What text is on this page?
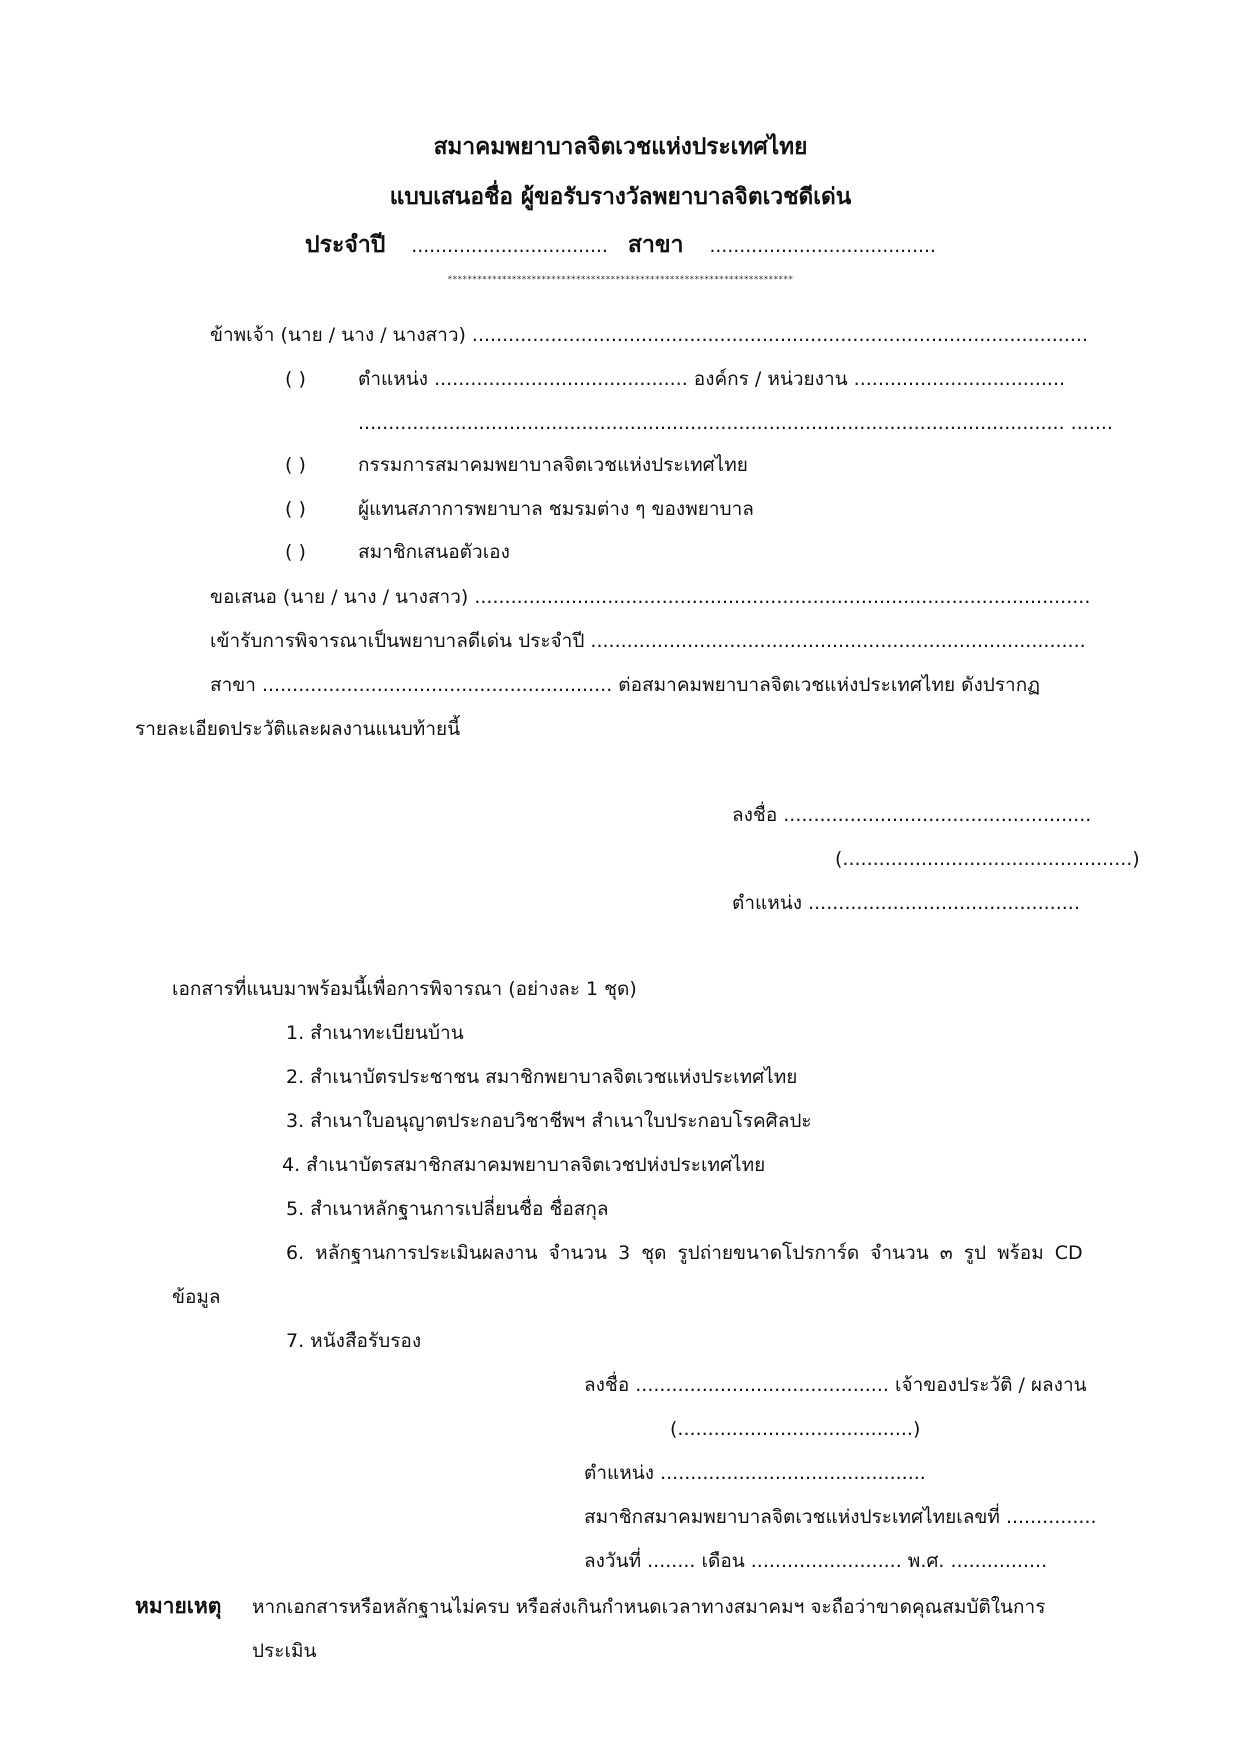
สมาคมพยาบาลจิตเวชแห่งประเทศไทย
แบบเสนอชื่อ ผู้ขอรับรางวัลพยาบาลจิตเวชดีเด่น
ประจำปี ................................. สาขา ......................................
**********************************************************************
ข้าพเจ้า (นาย / นาง / นางสาว) ......................................................................................................
( )	ตำแหน่ง .......................................... องค์กร / หน่วยงาน ...................................
..................................................................................................................... .......
( )	กรรมการสมาคมพยาบาลจิตเวชแห่งประเทศไทย
( )	ผู้แทนสภาการพยาบาล ชมรมต่าง ๆ ของพยาบาล
( )	สมาชิกเสนอตัวเอง
ขอเสนอ (นาย / นาง / นางสาว) ......................................................................................................
เข้ารับการพิจารณาเป็นพยาบาลดีเด่น ประจำปี ..................................................................................
สาขา .......................................................... ต่อสมาคมพยาบาลจิตเวชแห่งประเทศไทย ดังปรากฏ
รายละเอียดประวัติและผลงานแนบท้ายนี้
ลงชื่อ ...................................................
(................................................)
ตำแหน่ง .............................................
เอกสารที่แนบมาพร้อมนี้เพื่อการพิจารณา (อย่างละ 1 ชุด)
1. สำเนาทะเบียนบ้าน
2. สำเนาบัตรประชาชน สมาชิกพยาบาลจิตเวชแห่งประเทศไทย
3. สำเนาใบอนุญาตประกอบวิชาชีพฯ สำเนาใบประกอบโรคศิลปะ
4. สำเนาบัตรสมาชิกสมาคมพยาบาลจิตเวชปห่งประเทศไทย
5. สำเนาหลักฐานการเปลี่ยนชื่อ ชื่อสกุล
6. หลักฐานการประเมินผลงาน จำนวน 3 ชุด รูปถ่ายขนาดโปรการ์ด จำนวน ๓ รูป พร้อม CD
ข้อมูล
7. หนังสือรับรอง
ลงชื่อ .......................................... เจ้าของประวัติ / ผลงาน
(.......................................)
ตำแหน่ง ............................................
สมาชิกสมาคมพยาบาลจิตเวชแห่งประเทศไทยเลขที่ ...............
ลงวันที่ ........ เดือน ......................... พ.ศ. ................
หมายเหตุ หากเอกสารหรือหลักฐานไม่ครบ หรือส่งเกินกำหนดเวลาทางสมาคมฯ จะถือว่าขาดคุณสมบัติในการ
ประเมิน
